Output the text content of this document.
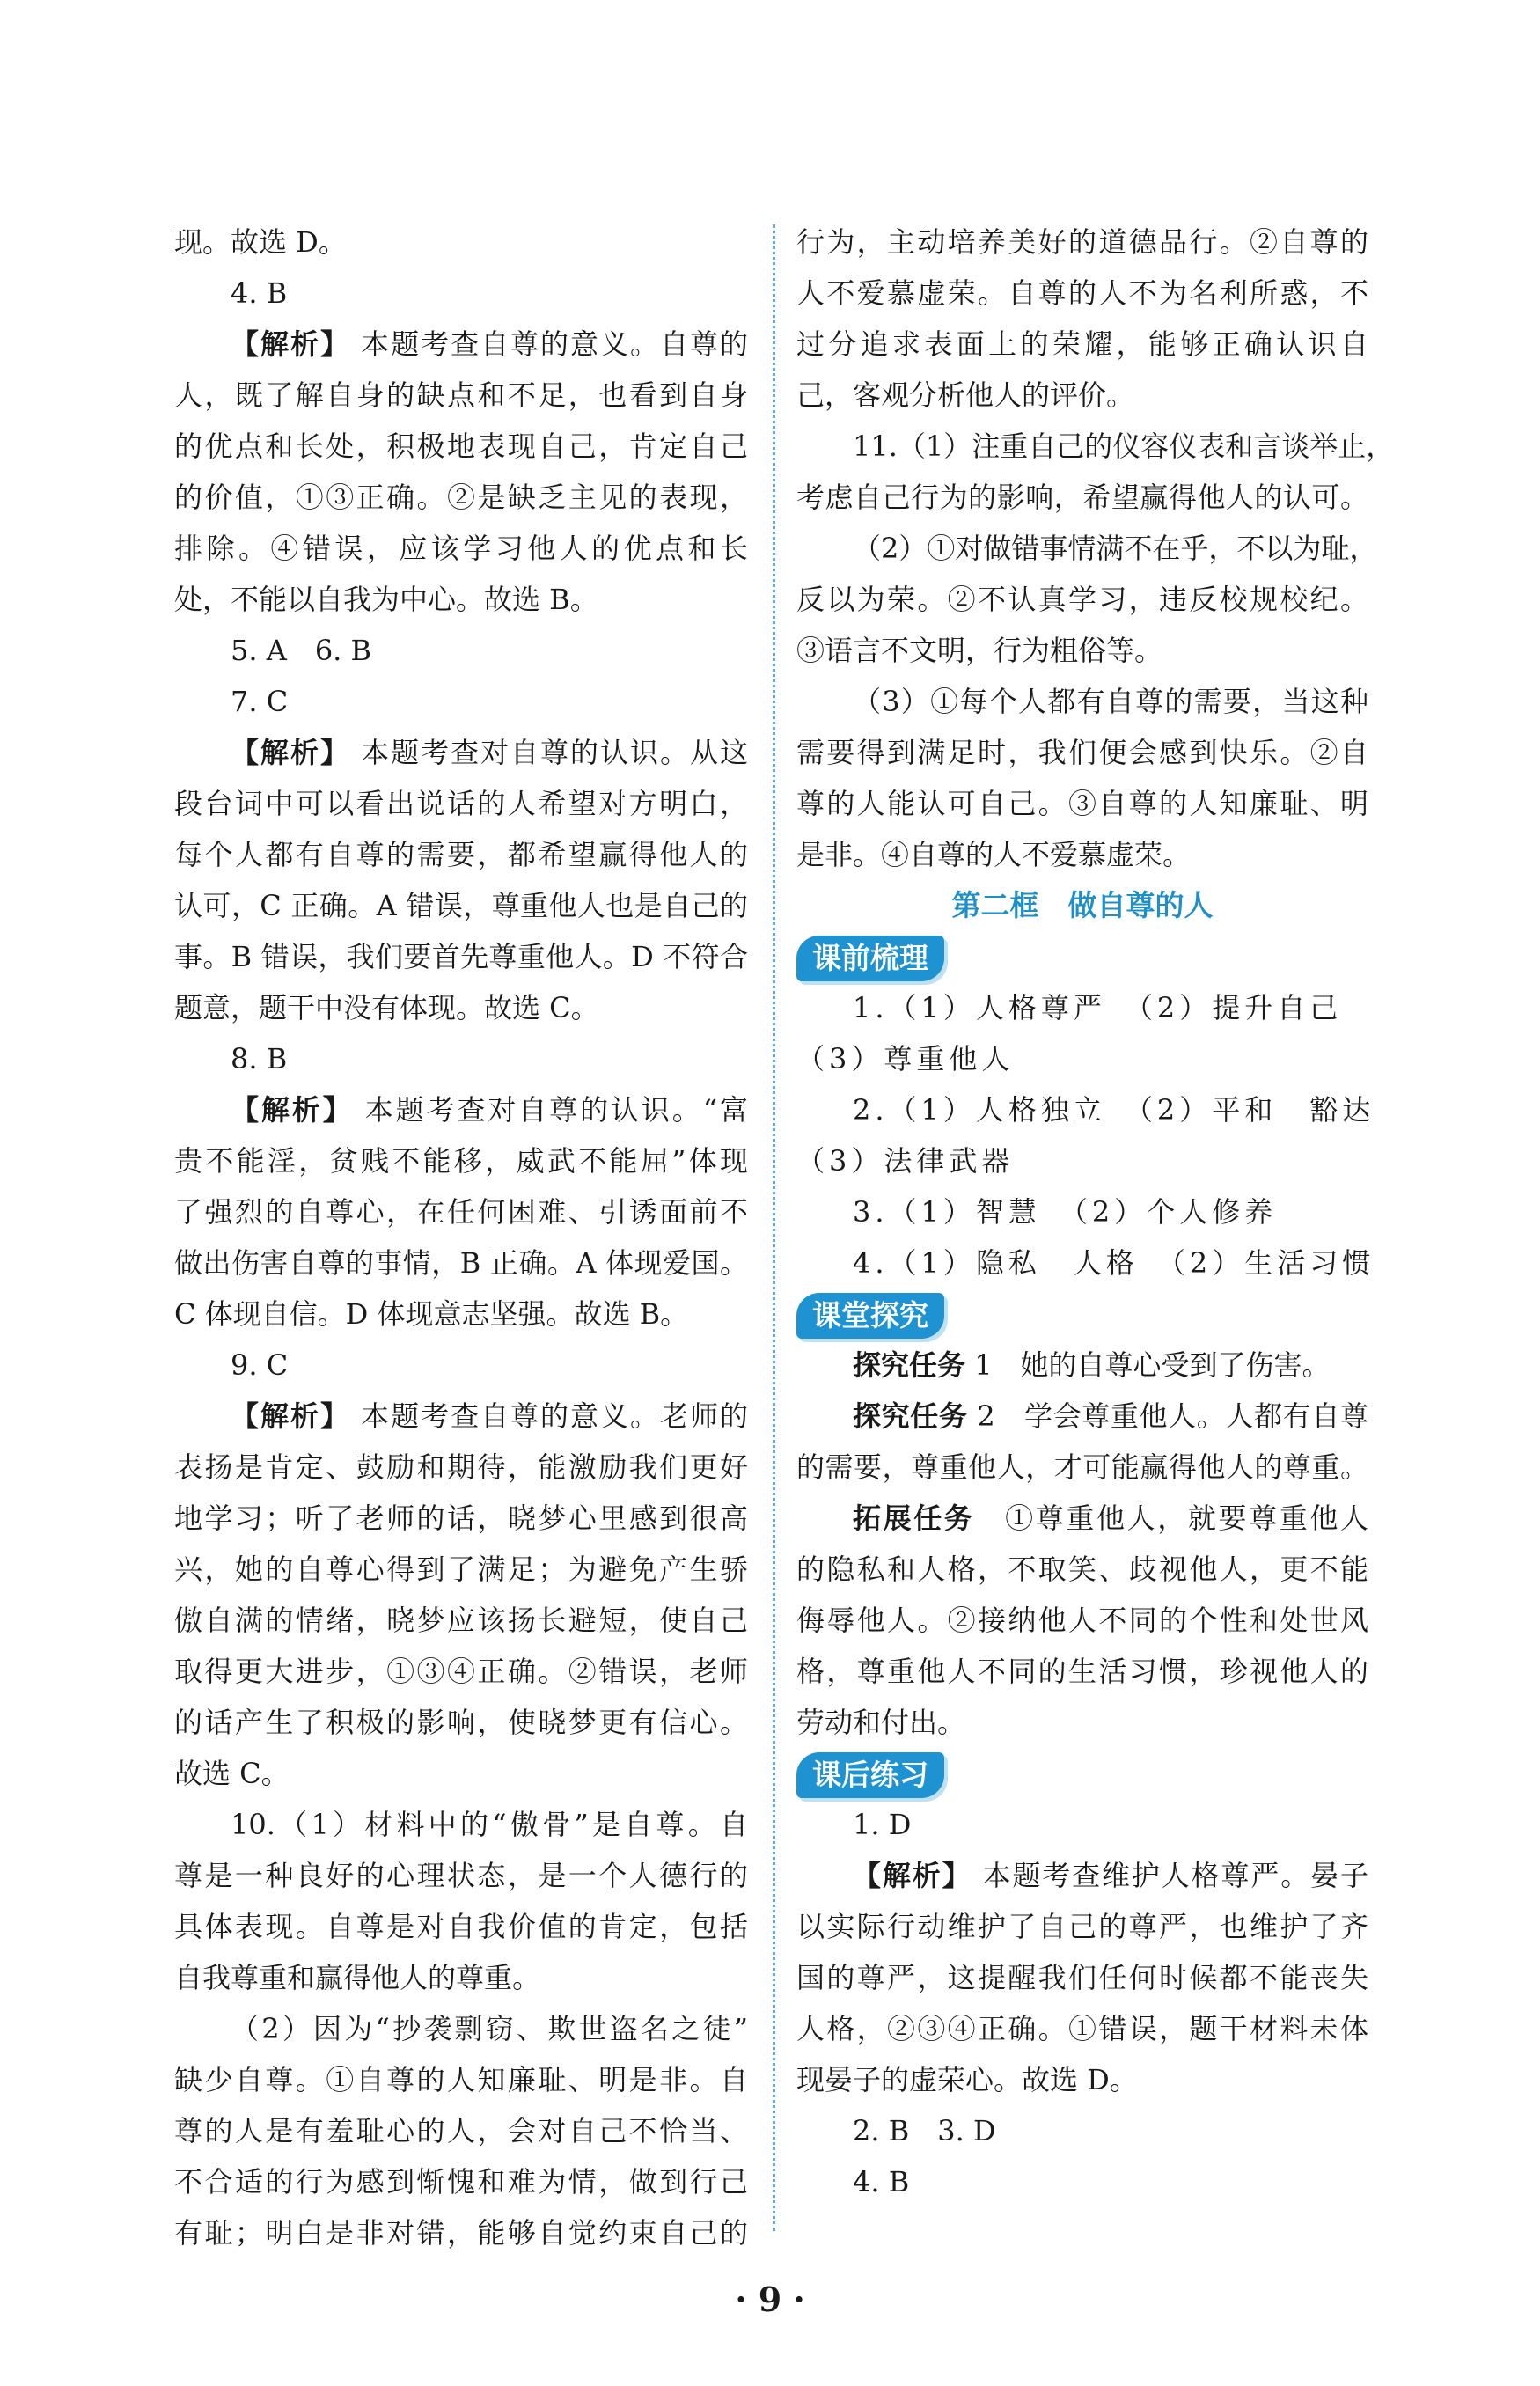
现。故选 D。
4. B
【解析】 本题考查自尊的意义。自尊的
人，既了解自身的缺点和不足，也看到自身
的优点和长处，积极地表现自己，肯定自己
的价值，①③正确。②是缺乏主见的表现，
排除。④错误，应该学习他人的优点和长
处，不能以自我为中心。故选 B。
5. A　6. B
7. C
【解析】 本题考查对自尊的认识。从这
段台词中可以看出说话的人希望对方明白，
每个人都有自尊的需要，都希望赢得他人的
认可，C 正确。A 错误，尊重他人也是自己的
事。B 错误，我们要首先尊重他人。D 不符合
题意，题干中没有体现。故选 C。
8. B
【解析】 本题考查对自尊的认识。“富
贵不能淫，贫贱不能移，威武不能屈”体现
了强烈的自尊心，在任何困难、引诱面前不
做出伤害自尊的事情，B 正确。A 体现爱国。
C 体现自信。D 体现意志坚强。故选 B。
9. C
【解析】 本题考查自尊的意义。老师的
表扬是肯定、鼓励和期待，能激励我们更好
地学习；听了老师的话，晓梦心里感到很高
兴，她的自尊心得到了满足；为避免产生骄
傲自满的情绪，晓梦应该扬长避短，使自己
取得更大进步，①③④正确。②错误，老师
的话产生了积极的影响，使晓梦更有信心。
故选 C。
10.（1）材料中的“傲骨”是自尊。自
尊是一种良好的心理状态，是一个人德行的
具体表现。自尊是对自我价值的肯定，包括
自我尊重和赢得他人的尊重。
（2）因为“抄袭剽窃、欺世盗名之徒”
缺少自尊。①自尊的人知廉耻、明是非。自
尊的人是有羞耻心的人，会对自己不恰当、
不合适的行为感到惭愧和难为情，做到行己
有耻；明白是非对错，能够自觉约束自己的
行为，主动培养美好的道德品行。②自尊的
人不爱慕虚荣。自尊的人不为名利所惑，不
过分追求表面上的荣耀，能够正确认识自
己，客观分析他人的评价。
11.（1）注重自己的仪容仪表和言谈举止，
考虑自己行为的影响，希望赢得他人的认可。
（2）①对做错事情满不在乎，不以为耻，
反以为荣。②不认真学习，违反校规校纪。
③语言不文明，行为粗俗等。
（3）①每个人都有自尊的需要，当这种
需要得到满足时，我们便会感到快乐。②自
尊的人能认可自己。③自尊的人知廉耻、明
是非。④自尊的人不爱慕虚荣。
第二框　做自尊的人
课前梳理
1.（1）人格尊严　（2）提升自己
（3）尊重他人
2.（1）人格独立　（2）平和　豁达
（3）法律武器
3.（1）智慧　（2）个人修养
4.（1）隐私　人格　（2）生活习惯
课堂探究
探究任务 1　她的自尊心受到了伤害。
探究任务 2　学会尊重他人。人都有自尊
的需要，尊重他人，才可能赢得他人的尊重。
拓展任务　①尊重他人，就要尊重他人
的隐私和人格，不取笑、歧视他人，更不能
侮辱他人。②接纳他人不同的个性和处世风
格，尊重他人不同的生活习惯，珍视他人的
劳动和付出。
课后练习
1. D
【解析】 本题考查维护人格尊严。晏子
以实际行动维护了自己的尊严，也维护了齐
国的尊严，这提醒我们任何时候都不能丧失
人格，②③④正确。①错误，题干材料未体
现晏子的虚荣心。故选 D。
2. B　3. D
4. B
· 9 ·
